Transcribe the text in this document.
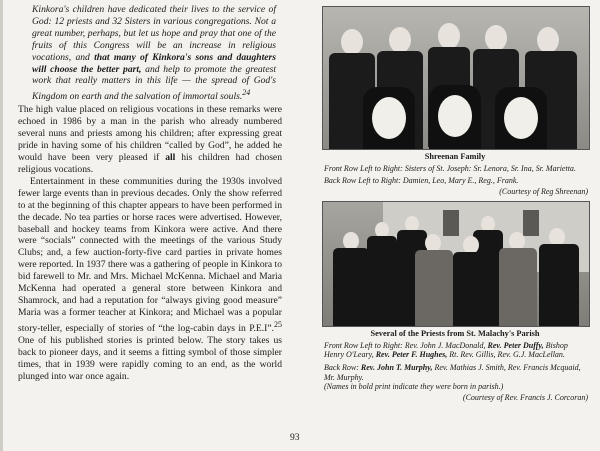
Kinkora's children have dedicated their lives to the service of God: 12 priests and 32 Sisters in various congregations. Not a great number, perhaps, but let us hope and pray that one of the fruits of this Congress will be an increase in religious vocations, and that many of Kinkora's sons and daughters will choose the better part, and help to promote the greatest work that really matters in this life — the spread of God's Kingdom on earth and the salvation of immortal souls.$^{24}$

The high value placed on religious vocations in these remarks were echoed in 1986 by a man in the parish who already numbered several nuns and priests among his children; after expressing great pride in having some of his children “called by God”, he added he would have been very pleased if all his children had chosen religious vocations.

Entertainment in these communities during the 1930s involved fewer large events than in previous decades. Only the show referred to at the beginning of this chapter appears to have been performed in the decade. No tea parties or horse races were advertised. However, baseball and hockey teams from Kinkora were active. And there were “socials” connected with the meetings of the various Study Clubs; and, a few auction-forty-five card parties in private homes were reported. In 1937 there was a gathering of people in Kinkora to bid farewell to Mr. and Mrs. Michael McKenna. Michael and Maria McKenna had operated a general store between Kinkora and Shamrock, and had a reputation for “always giving good measure” Maria was a former teacher at Kinkora; and Michael was a popular story-teller, especially of stories of “the log-cabin days in P.E.I”.$^{25}$ One of his published stories is printed below. The story takes us back to pioneer days, and it seems a fitting symbol of those simpler times, that in 1939 were rapidly coming to an end, as the world plunged into war once again.

Shreenan Family

Front Row Left to Right: Sisters of St. Joseph: Sr. Lenora, Sr. Ina, Sr. Marietta.

Back Row Left to Right: Damien, Leo, Mary E., Reg., Frank.

(Courtesy of Reg Shreenan)
Several of the Priests from St. Malachy's Parish

Front Row Left to Right: Rev. John J. MacDonald, Rev. Peter Duffy, Bishop Henry O'Leary, Rev. Peter F. Hughes, Rt. Rev. Gillis, Rev. G.J. MacLellan.

Back Row: Rev. John T. Murphy, Rev. Mathias J. Smith, Rev. Francis Mcquaid, Mr. Murphy.
(Names in bold print indicate they were born in parish.)

(Courtesy of Rev. Francis J. Corcoran)
93
